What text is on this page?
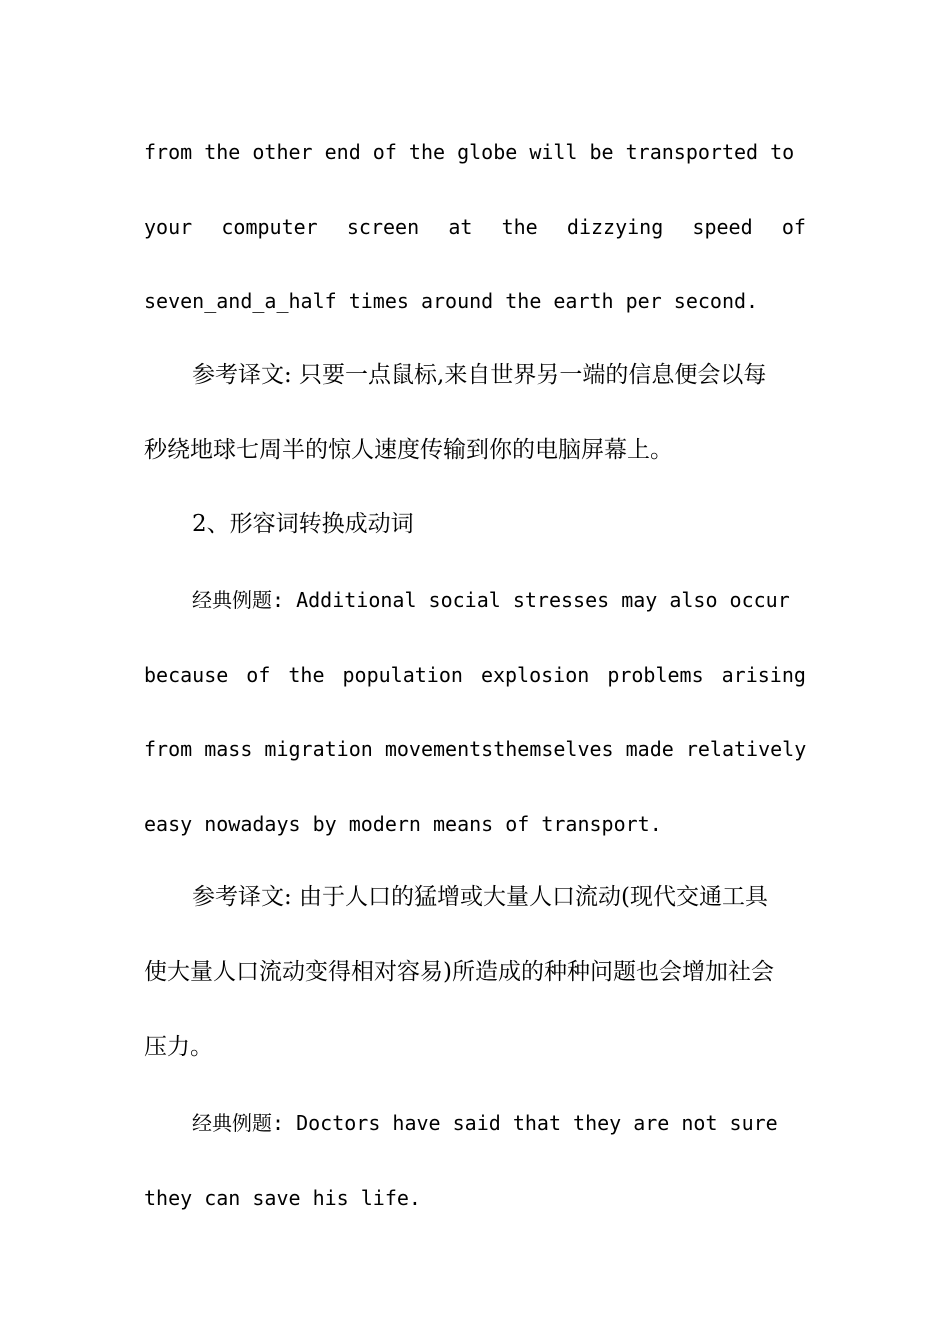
from the other end of the globe will be transported to
your computer screen at the dizzying speed of
seven_and_a_half times around the earth per second.
参考译文: 只要一点鼠标,来自世界另一端的信息便会以每
秒绕地球七周半的惊人速度传输到你的电脑屏幕上。
2、形容词转换成动词
经典例题: Additional social stresses may also occur
because of the population explosion problems arising
from mass migration movementsthemselves made relatively
easy nowadays by modern means of transport.
参考译文: 由于人口的猛增或大量人口流动(现代交通工具
使大量人口流动变得相对容易)所造成的种种问题也会增加社会
压力。
经典例题: Doctors have said that they are not sure
they can save his life.
